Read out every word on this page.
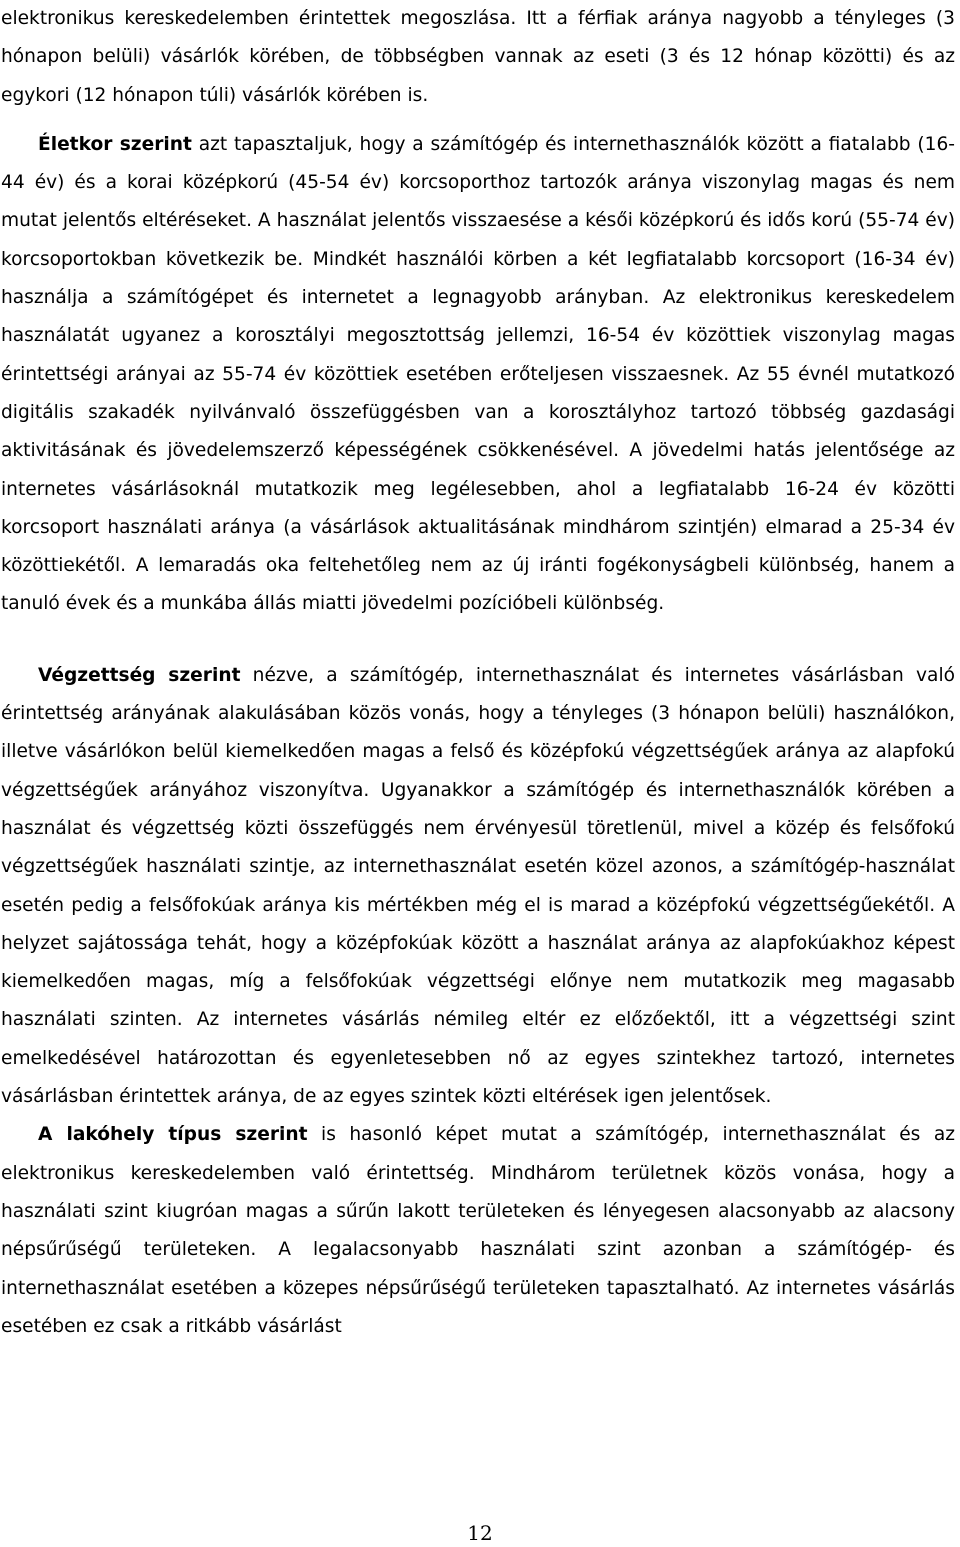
elektronikus kereskedelemben érintettek megoszlása. Itt a férfiak aránya nagyobb a tényleges (3 hónapon belüli) vásárlók körében, de többségben vannak az eseti (3 és 12 hónap közötti) és az egykori (12 hónapon túli) vásárlók körében is.

Életkor szerint azt tapasztaljuk, hogy a számítógép és internethasználók között a fiatalabb (16-44 év) és a korai középkorú (45-54 év) korcsoporthoz tartozók aránya viszonylag magas és nem mutat jelentős eltéréseket. A használat jelentős visszaesése a késői középkorú és idős korú (55-74 év) korcsoportokban következik be. Mindkét használói körben a két legfiatalabb korcsoport (16-34 év) használja a számítógépet és internetet a legnagyobb arányban. Az elektronikus kereskedelem használatát ugyanez a korosztályi megosztottság jellemzi, 16-54 év közöttiek viszonylag magas érintettségi arányai az 55-74 év közöttiek esetében erőteljesen visszaesnek. Az 55 évnél mutatkozó digitális szakadék nyilvánvaló összefüggésben van a korosztályhoz tartozó többség gazdasági aktivitásának és jövedelemszerző képességének csökkenésével. A jövedelmi hatás jelentősége az internetes vásárlásoknál mutatkozik meg legélesebben, ahol a legfiatalabb 16-24 év közötti korcsoport használati aránya (a vásárlások aktualitásának mindhárom szintjén) elmarad a 25-34 év közöttiekétől. A lemaradás oka feltehetőleg nem az új iránti fogékonyságbeli különbség, hanem a tanuló évek és a munkába állás miatti jövedelmi pozícióbeli különbség.

Végzettség szerint nézve, a számítógép, internethasználat és internetes vásárlásban való érintettség arányának alakulásában közös vonás, hogy a tényleges (3 hónapon belüli) használókon, illetve vásárlókon belül kiemelkedően magas a felső és középfokú végzettségűek aránya az alapfokú végzettségűek arányához viszonyítva. Ugyanakkor a számítógép és internethasználók körében a használat és végzettség közti összefüggés nem érvényesül töretlenül, mivel a közép és felsőfokú végzettségűek használati szintje, az internethasználat esetén közel azonos, a számítógép-használat esetén pedig a felsőfokúak aránya kis mértékben még el is marad a középfokú végzettségűekétől. A helyzet sajátossága tehát, hogy a középfokúak között a használat aránya az alapfokúakhoz képest kiemelkedően magas, míg a felsőfokúak végzettségi előnye nem mutatkozik meg magasabb használati szinten. Az internetes vásárlás némileg eltér ez előzőektől, itt a végzettségi szint emelkedésével határozottan és egyenletesebben nő az egyes szintekhez tartozó, internetes vásárlásban érintettek aránya, de az egyes szintek közti eltérések igen jelentősek.

A lakóhely típus szerint is hasonló képet mutat a számítógép, internethasználat és az elektronikus kereskedelemben való érintettség. Mindhárom területnek közös vonása, hogy a használati szint kiugróan magas a sűrűn lakott területeken és lényegesen alacsonyabb az alacsony népsűrűségű területeken. A legalacsonyabb használati szint azonban a számítógép- és internethasználat esetében a közepes népsűrűségű területeken tapasztalható. Az internetes vásárlás esetében ez csak a ritkább vásárlást

12
